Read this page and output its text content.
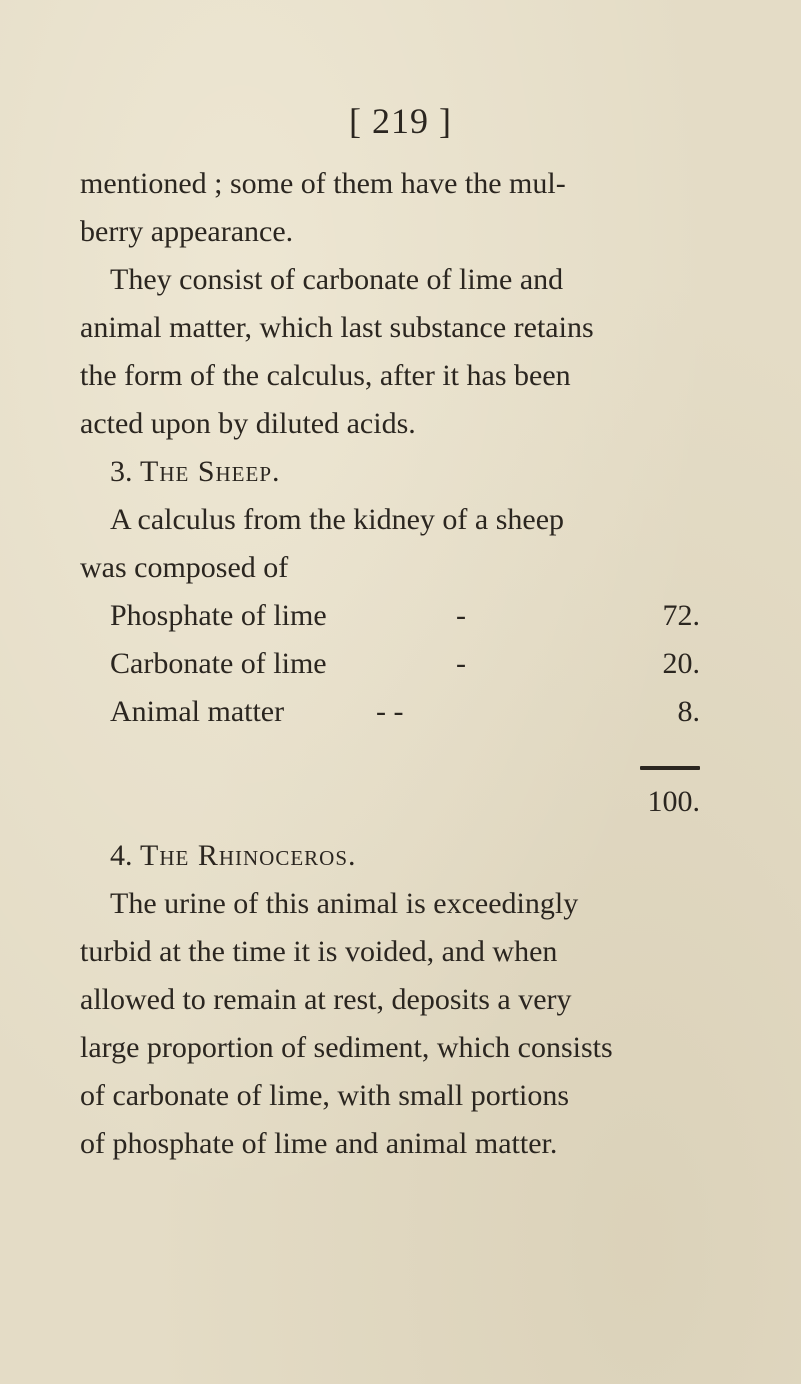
[ 219 ]
mentioned ; some of them have the mul-
berry appearance.
They consist of carbonate of lime and
animal matter, which last substance retains
the form of the calculus, after it has been
acted upon by diluted acids.
3. The Sheep.
A calculus from the kidney of a sheep
was composed of
Phosphate of lime	-	72.
Carbonate of lime	-	20.
Animal matter	- -	8.
100.
4. The Rhinoceros.
The urine of this animal is exceedingly
turbid at the time it is voided, and when
allowed to remain at rest, deposits a very
large proportion of sediment, which consists
of carbonate of lime, with small portions
of phosphate of lime and animal matter.
